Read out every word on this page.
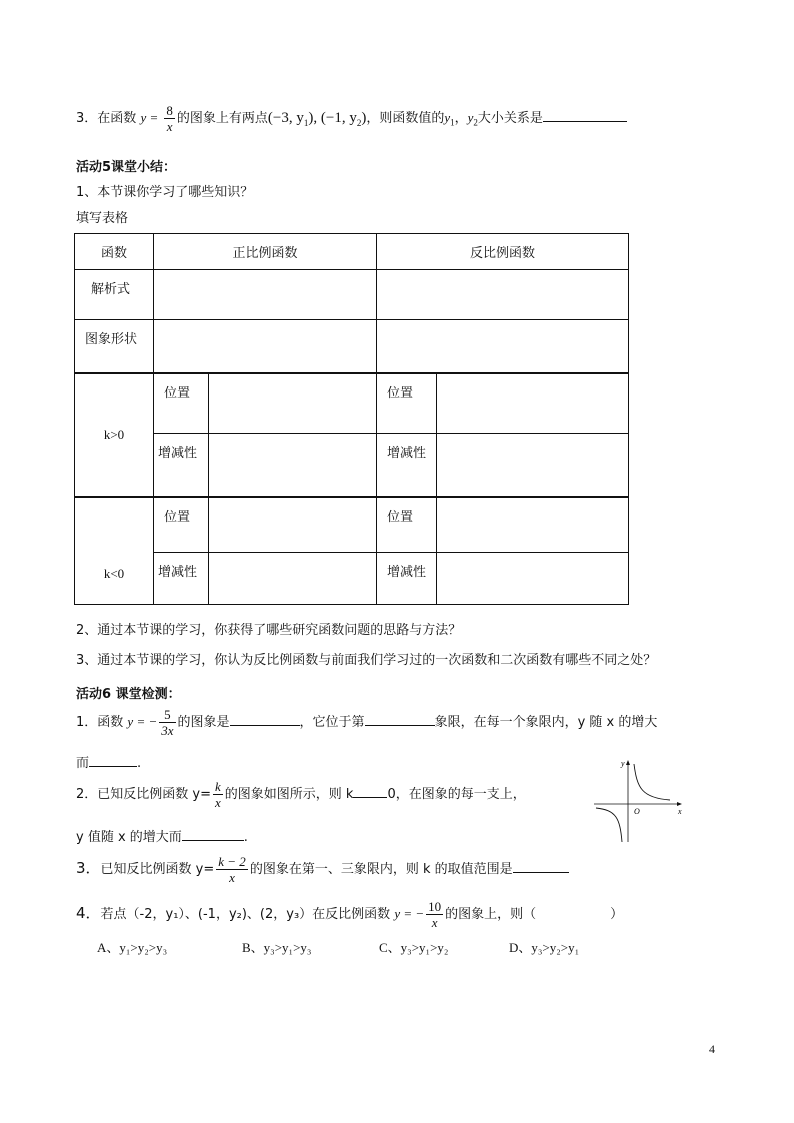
3．在函数 $y = \frac{8}{x}$ 的图象上有两点(−3, $y_1$), (−1, $y_2$)，则函数值的$y_1$，$y_2$大小关系是
活动5课堂小结：
1、本节课你学习了哪些知识？
填写表格
函数	正比例函数		反比例函数	

解析式				

图象形状				

k>0	位置		位置	

	增减性		增减性	

k<0	位置		位置	

	增减性		增减性	

2、通过本节课的学习，你获得了哪些研究函数问题的思路与方法？
3、通过本节课的学习，你认为反比例函数与前面我们学习过的一次函数和二次函数有哪些不同之处？
活动6 课堂检测：
1．函数 y = − $\frac{5}{3x}$ 的图象是	，它位于第	象限，在每一个象限内，y 随 x 的增大
而	.
2．已知反比例函数 $y= \frac{k}{x}$ 的图象如图所示，则 k	0，在图象的每一支上，
y 值随 x 的增大而	.
y
x
O
3．已知反比例函数 $y= \frac{k - 2}{x}$ 的图象在第一、三象限内，则 k 的取值范围是
4．若点（-2，y₁）、(-1，y₂)、(2，y₃）在反比例函数 y = − $\frac{10}{x}$ 的图象上，则（	）
A、y₁>y₂>y₃	B、y₃>y₁>y₃	C、y₃>y₁>y₂	D、y₃>y₂>y₁
4
